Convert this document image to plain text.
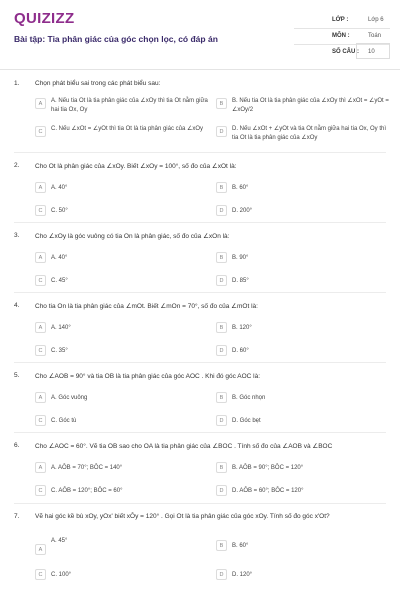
QUIZIZZ
Bài tập: Tia phân giác của góc chọn lọc, có đáp án
LỚP :	Lớp 6
MÔN :	Toán
SỐ CÂU : 10
1. Chọn phát biểu sai trong các phát biểu sau:
A	A. Nếu tia Ot là tia phân giác của ∠xOy thì tia Ot nằm giữa hai tia Ox, Oy
B	B. Nếu tia Ot là tia phân giác của ∠xOy thì ∠xOt = ∠yOt = ∠xOy/2
C	C. Nếu ∠xOt = ∠yOt thì tia Ot là tia phân giác của ∠xOy	D	D. Nếu ∠xOt + ∠yOt và tia Ot nằm giữa hai tia Ox, Oy thì tia Ot là tia phân giác của ∠xOy
2. Cho Ot là phân giác của ∠xOy. Biết ∠xOy = 100°, số đo của ∠xOt là:
A	A. 40°	B	B. 60°
C	C. 50°	D	D. 200°
3. Cho ∠xOy là góc vuông có tia On là phân giác, số đo của ∠xOn là:
A	A. 40°	B	B. 90°
C	C. 45°	D	D. 85°
4. Cho tia On là tia phân giác của ∠mOt. Biết ∠mOn = 70°, số đo của ∠mOt là:
A	A. 140°	B	B. 120°
C	C. 35°	D	D. 60°
5. Cho ∠AOB = 90° và tia OB là tia phân giác của góc AOC . Khi đó góc AOC là:
A	A. Góc vuông	B	B. Góc nhọn
C	C. Góc tù	D	D. Góc bẹt
6. Cho ∠AOC = 60°. Vẽ tia OB sao cho OA là tia phân giác của ∠BOC . Tính số đo của ∠AOB và ∠BOC
A	A. AÔB = 70°; BÔC = 140°	B	B. AÔB = 90°; BÔC = 120°
C	C. AÔB = 120°; BÔC = 60°	D	D. AÔB = 60°; BÔC = 120°
7. Vẽ hai góc kề bù xOy, yOx' biết xÔy = 120° . Gọi Ot là tia phân giác của góc xOy. Tính số đo góc x'Ot?
A
A. 45°
B	B. 60°
C	C. 100°	D	D. 120°
